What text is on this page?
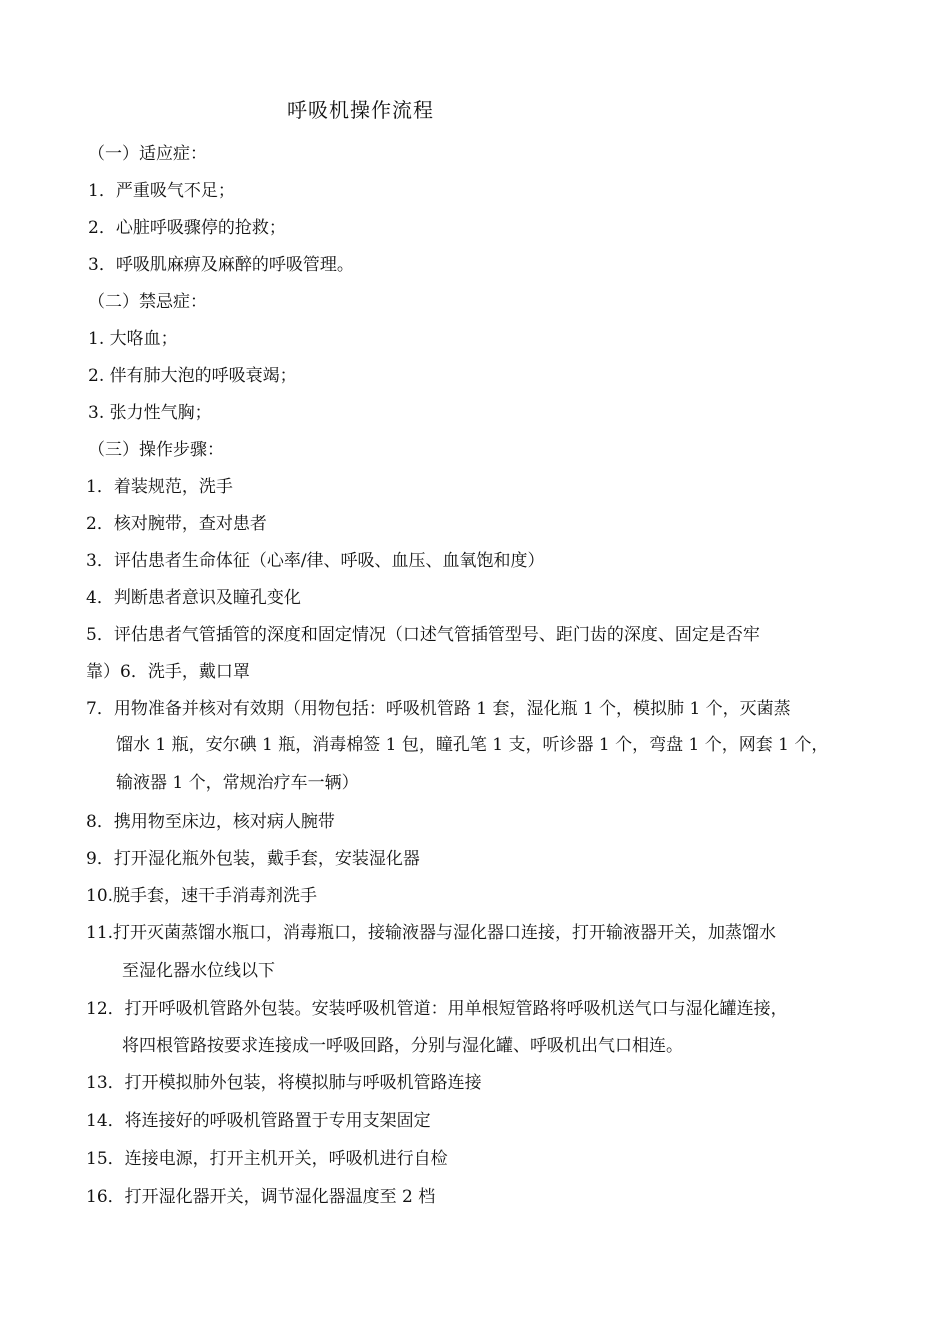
呼吸机操作流程
（一）适应症：
1．严重吸气不足；
2．心脏呼吸骤停的抢救；
3．呼吸肌麻痹及麻醉的呼吸管理。
（二）禁忌症：
1. 大咯血；
2. 伴有肺大泡的呼吸衰竭；
3. 张力性气胸；
（三）操作步骤：
1．着装规范，洗手
2．核对腕带，查对患者
3．评估患者生命体征（心率/律、呼吸、血压、血氧饱和度）
4．判断患者意识及瞳孔变化
5．评估患者气管插管的深度和固定情况（口述气管插管型号、距门齿的深度、固定是否牢
靠）6．洗手，戴口罩
7．用物准备并核对有效期（用物包括：呼吸机管路 1 套，湿化瓶 1 个，模拟肺 1 个，灭菌蒸
馏水 1 瓶，安尔碘 1 瓶，消毒棉签 1 包，瞳孔笔 1 支，听诊器 1 个，弯盘 1 个，网套 1 个，
输液器 1 个，常规治疗车一辆）
8．携用物至床边，核对病人腕带
9．打开湿化瓶外包装，戴手套，安装湿化器
10.脱手套，速干手消毒剂洗手
11.打开灭菌蒸馏水瓶口，消毒瓶口，接输液器与湿化器口连接，打开输液器开关，加蒸馏水
至湿化器水位线以下
12．打开呼吸机管路外包装。安装呼吸机管道：用单根短管路将呼吸机送气口与湿化罐连接，
将四根管路按要求连接成一呼吸回路，分别与湿化罐、呼吸机出气口相连。
13．打开模拟肺外包装，将模拟肺与呼吸机管路连接
14．将连接好的呼吸机管路置于专用支架固定
15．连接电源，打开主机开关，呼吸机进行自检
16．打开湿化器开关，调节湿化器温度至 2 档
